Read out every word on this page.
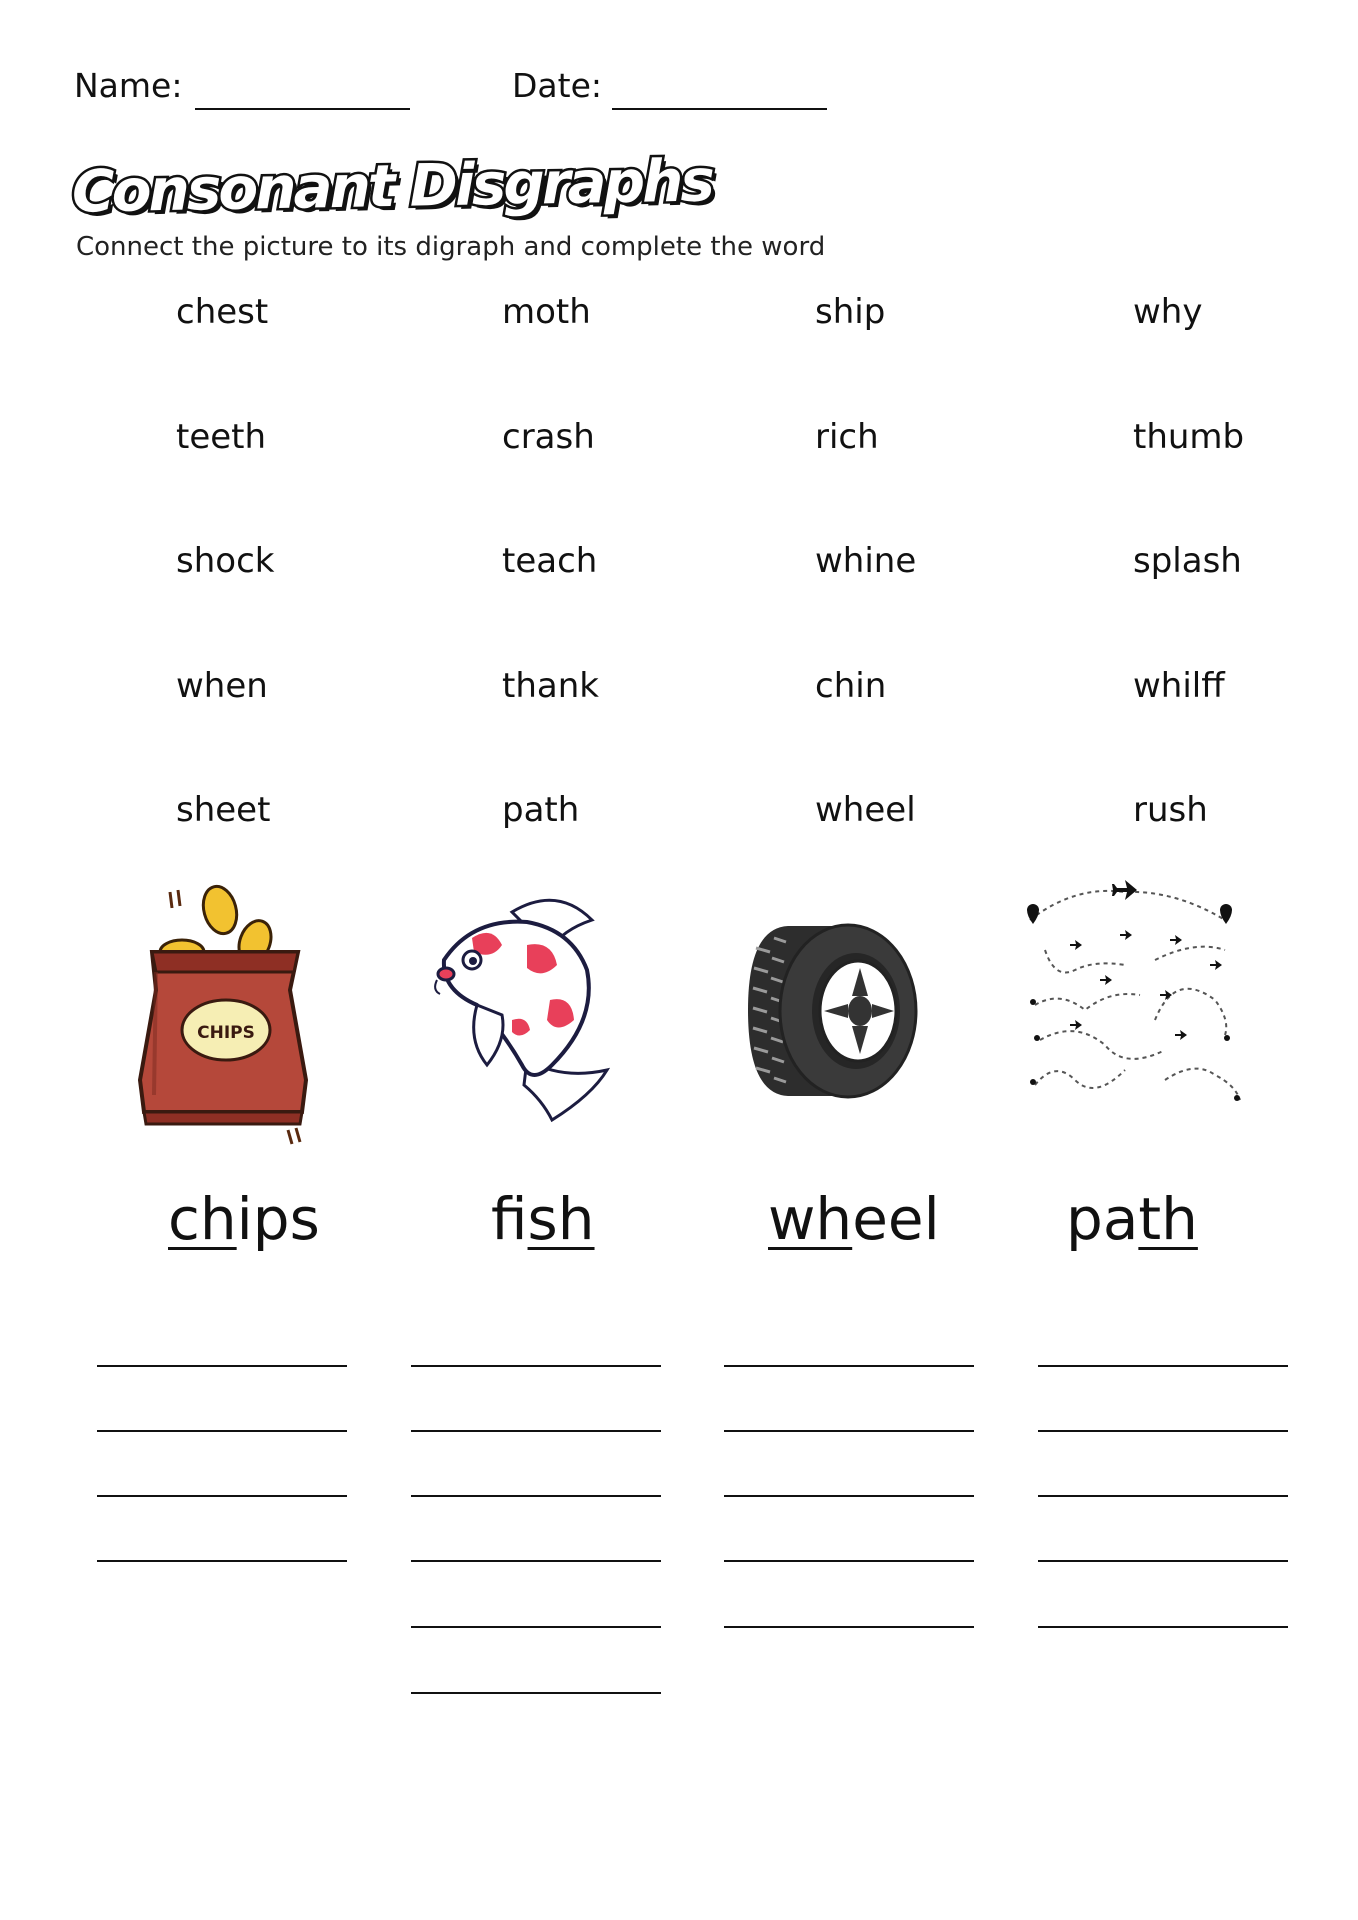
Name:	Date:
Consonant Disgraphs
Connect the picture to its digraph and complete the word
chest	moth	ship	why
teeth	crash	rich	thumb
shock	teach	whine	splash
when	thank	chin	whilff
sheet	path	wheel	rush
CHIPS
chips	fish	wheel path
